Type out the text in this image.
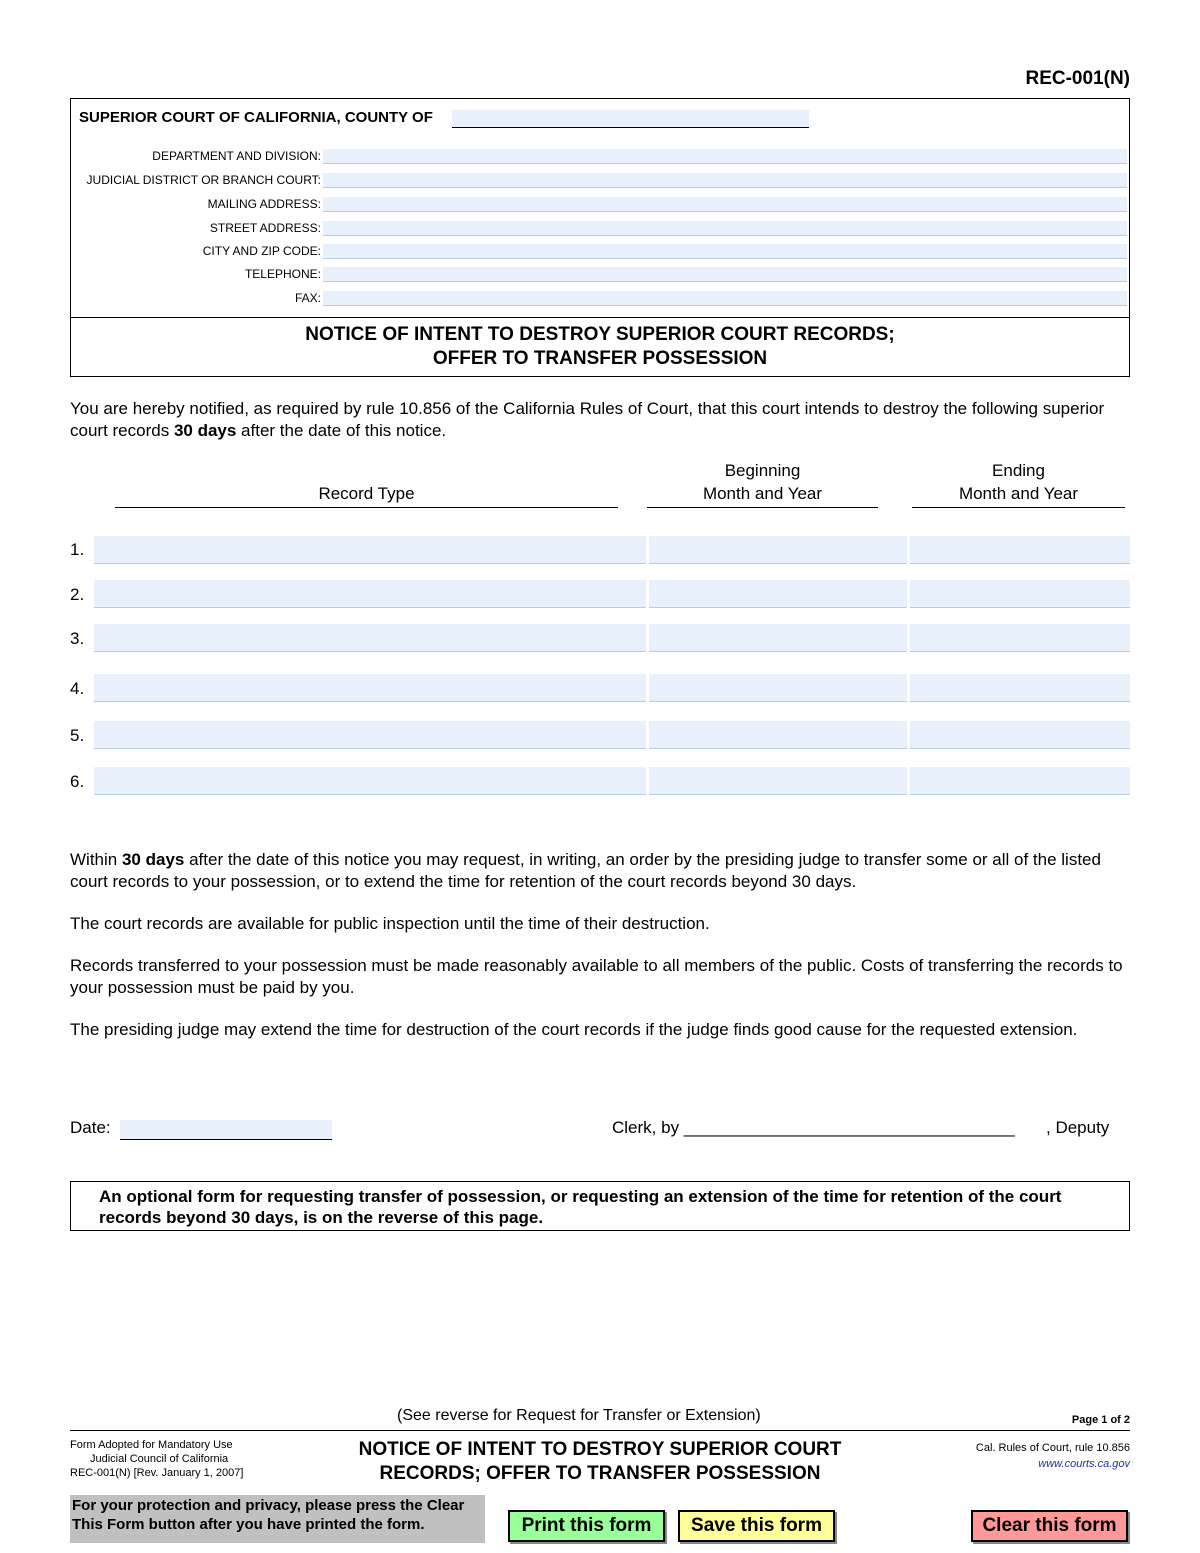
REC-001(N)
SUPERIOR COURT OF CALIFORNIA, COUNTY OF
DEPARTMENT AND DIVISION:
JUDICIAL DISTRICT OR BRANCH COURT:
MAILING ADDRESS:
STREET ADDRESS:
CITY AND ZIP CODE:
TELEPHONE:
FAX:
NOTICE OF INTENT TO DESTROY SUPERIOR COURT RECORDS;
OFFER TO TRANSFER POSSESSION
You are hereby notified, as required by rule 10.856 of the California Rules of Court, that this court intends to destroy the following superior court records 30 days after the date of this notice.
Record Type
Beginning
Month and Year
Ending
Month and Year
1.
2.
3.
4.
5.
6.
Within 30 days after the date of this notice you may request, in writing, an order by the presiding judge to transfer some or all of the listed court records to your possession, or to extend the time for retention of the court records beyond 30 days.
The court records are available for public inspection until the time of their destruction.
Records transferred to your possession must be made reasonably available to all members of the public. Costs of transferring the records to your possession must be paid by you.
The presiding judge may extend the time for destruction of the court records if the judge finds good cause for the requested extension.
Date:	Clerk, by ___________________________________ , Deputy
An optional form for requesting transfer of possession, or requesting an extension of the time for retention of the court records beyond 30 days, is on the reverse of this page.
(See reverse for Request for Transfer or Extension)	Page 1 of 2
Form Adopted for Mandatory Use
Judicial Council of California
REC-001(N) [Rev. January 1, 2007]
NOTICE OF INTENT TO DESTROY SUPERIOR COURT
RECORDS; OFFER TO TRANSFER POSSESSION
Cal. Rules of Court, rule 10.856
www.courts.ca.gov
For your protection and privacy, please press the Clear
This Form button after you have printed the form.	Print this form	Save this form	Clear this form
